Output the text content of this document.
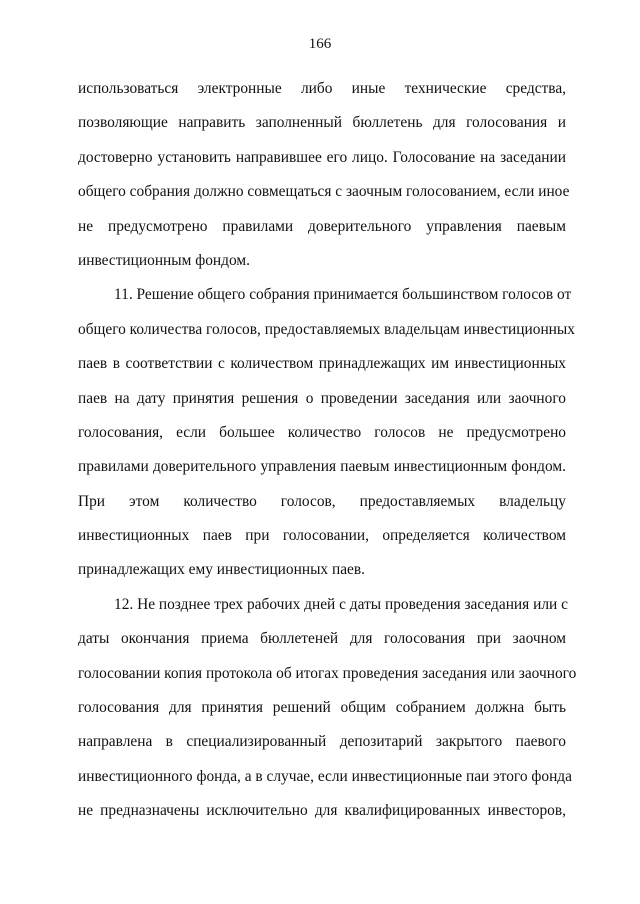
166
использоваться электронные либо иные технические средства,
позволяющие направить заполненный бюллетень для голосования и
достоверно установить направившее его лицо. Голосование на заседании
общего собрания должно совмещаться с заочным голосованием, если иное
не предусмотрено правилами доверительного управления паевым
инвестиционным фондом.
11. Решение общего собрания принимается большинством голосов от
общего количества голосов, предоставляемых владельцам инвестиционных
паев в соответствии с количеством принадлежащих им инвестиционных
паев на дату принятия решения о проведении заседания или заочного
голосования, если большее количество голосов не предусмотрено
правилами доверительного управления паевым инвестиционным фондом.
При этом количество голосов, предоставляемых владельцу
инвестиционных паев при голосовании, определяется количеством
принадлежащих ему инвестиционных паев.
12. Не позднее трех рабочих дней с даты проведения заседания или с
даты окончания приема бюллетеней для голосования при заочном
голосовании копия протокола об итогах проведения заседания или заочного
голосования для принятия решений общим собранием должна быть
направлена в специализированный депозитарий закрытого паевого
инвестиционного фонда, а в случае, если инвестиционные паи этого фонда
не предназначены исключительно для квалифицированных инвесторов,
